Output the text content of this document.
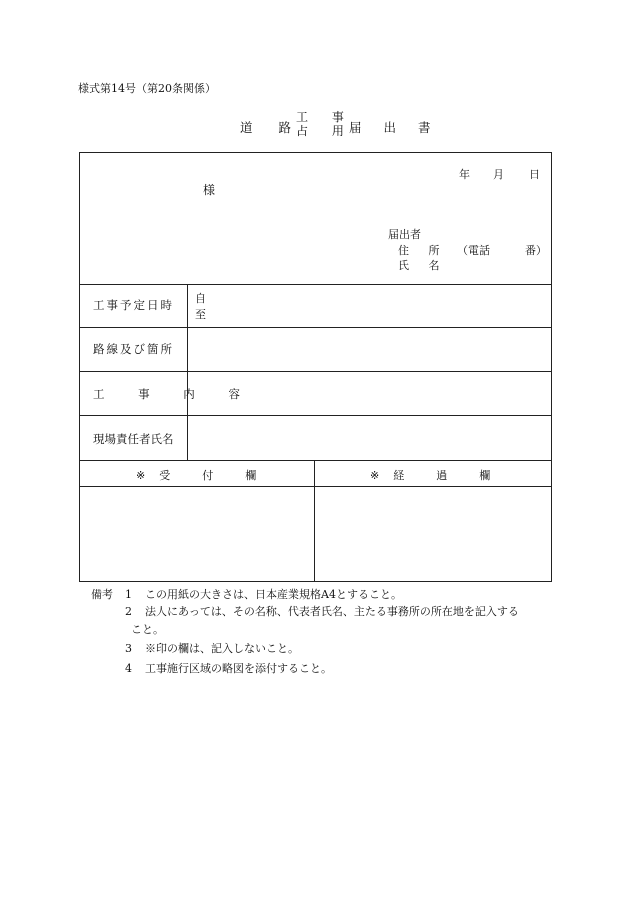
様式第14号（第20条関係）
道 路
工 事
占 用
届 出 書
年 月 日
様
届出者
住 所 （電話	番）
氏 名
工事予定日時 自
至
路線及び箇所
工 事 内 容
現場責任者氏名
※ 受	付	欄	※ 経	過	欄
備考 1 この用紙の大きさは、日本産業規格A4とすること。
2 法人にあっては、その名称、代表者氏名、主たる事務所の所在地を記入する
こと。
3 ※印の欄は、記入しないこと。
4 工事施行区域の略図を添付すること。
